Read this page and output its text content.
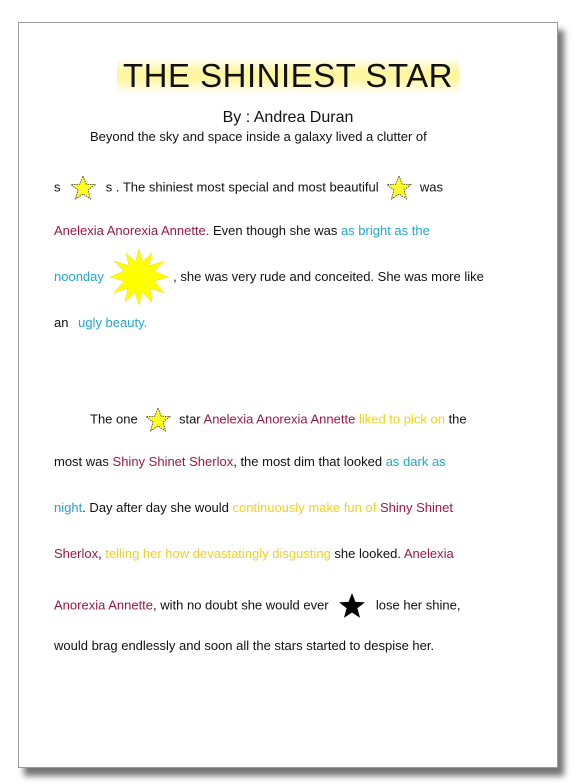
THE SHINIEST STAR
By : Andrea Duran
Beyond the sky and space inside a galaxy lived a clutter of
s	s . The shiniest most special and most beautiful	was
Anelexia Anorexia Annette. Even though she was as bright as the
noonday	, she was very rude and conceited. She was more like
an ugly beauty.
The one	star Anelexia Anorexia Annette liked to pick on the
most was Shiny Shinet Sherlox, the most dim that looked as dark as
night. Day after day she would continuously make fun of Shiny Shinet
Sherlox, telling her how devastatingly disgusting she looked. Anelexia
Anorexia Annette, with no doubt she would ever	lose her shine,
would brag endlessly and soon all the stars started to despise her.
